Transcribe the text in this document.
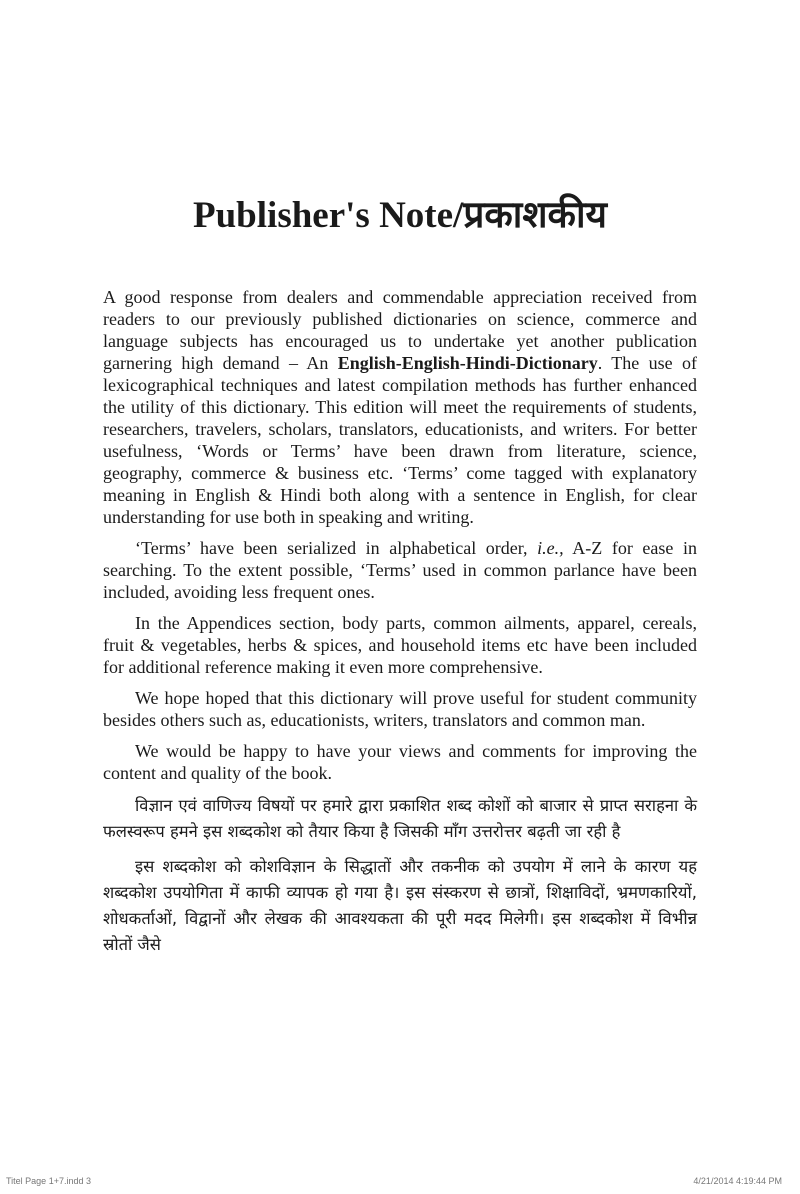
Publisher's Note/प्रकाशकीय

A good response from dealers and commendable appreciation received from readers to our previously published dictionaries on science, commerce and language subjects has encouraged us to undertake yet another publication garnering high demand – An English-English-Hindi-Dictionary. The use of lexicographical techniques and latest compilation methods has further enhanced the utility of this dictionary. This edition will meet the requirements of students, researchers, travelers, scholars, translators, educationists, and writers. For better usefulness, ‘Words or Terms’ have been drawn from literature, science, geography, commerce & business etc. ‘Terms’ come tagged with explanatory meaning in English & Hindi both along with a sentence in English, for clear understanding for use both in speaking and writing.

‘Terms’ have been serialized in alphabetical order, i.e., A-Z for ease in searching. To the extent possible, ‘Terms’ used in common parlance have been included, avoiding less frequent ones.

In the Appendices section, body parts, common ailments, apparel, cereals, fruit & vegetables, herbs & spices, and household items etc have been included for additional reference making it even more comprehensive.

We hope hoped that this dictionary will prove useful for student community besides others such as, educationists, writers, translators and common man.

We would be happy to have your views and comments for improving the content and quality of the book.

विज्ञान एवं वाणिज्य विषयों पर हमारे द्वारा प्रकाशित शब्द कोशों को बाजार से प्राप्त सराहना के फलस्वरूप हमने इस शब्दकोश को तैयार किया है जिसकी माँग उत्तरोत्तर बढ़ती जा रही है

इस शब्दकोश को कोशविज्ञान के सिद्धातों और तकनीक को उपयोग में लाने के कारण यह शब्दकोश उपयोगिता में काफी व्यापक हो गया है। इस संस्करण से छात्रों, शिक्षाविदों, भ्रमणकारियों, शोधकर्ताओं, विद्वानों और लेखक की आवश्यकता की पूरी मदद मिलेगी। इस शब्दकोश में विभीन्न स्रोतों जैसे

Titel Page 1+7.indd 3	4/21/2014 4:19:44 PM
